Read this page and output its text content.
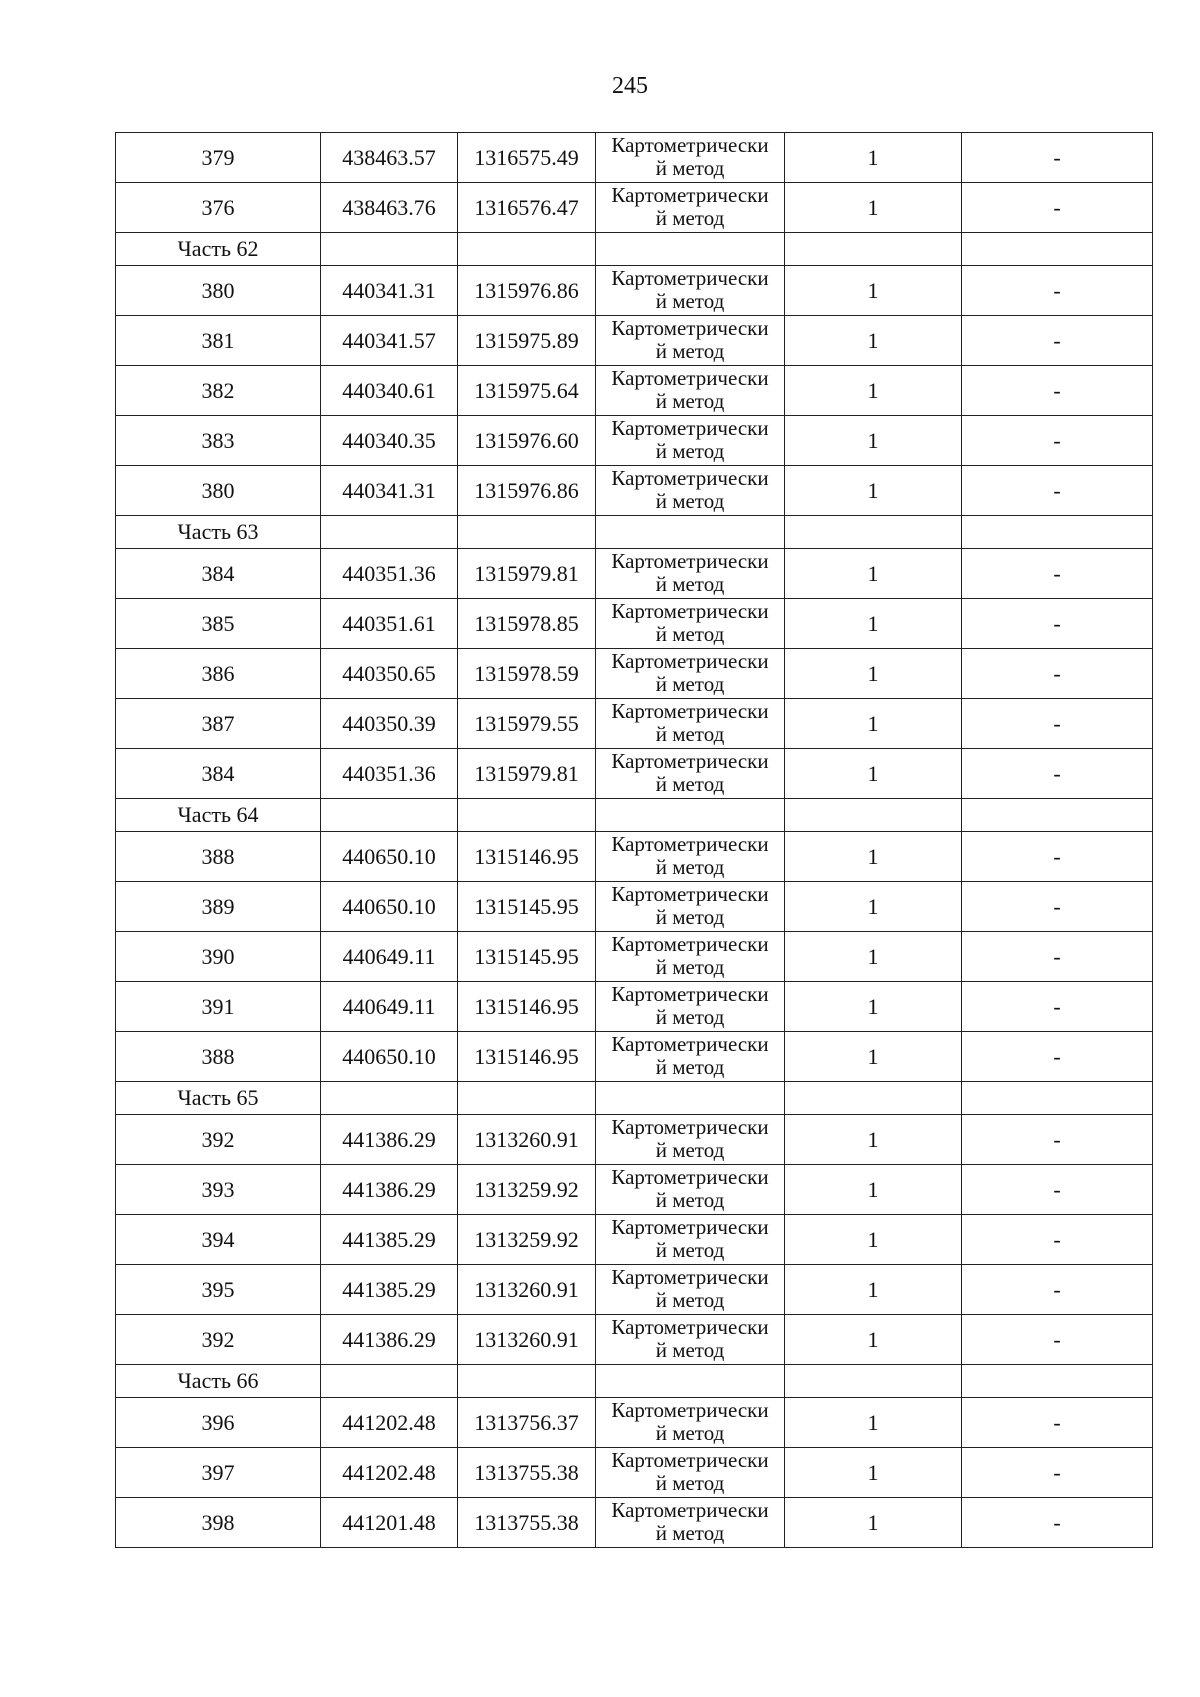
245
379	438463.57	1316575.49	Картометрически
й метод	1	-
376	438463.76	1316576.47	Картометрически
й метод	1	-
Часть 62					
380	440341.31	1315976.86	Картометрически
й метод	1	-
381	440341.57	1315975.89	Картометрически
й метод	1	-
382	440340.61	1315975.64	Картометрически
й метод	1	-
383	440340.35	1315976.60	Картометрически
й метод	1	-
380	440341.31	1315976.86	Картометрически
й метод	1	-
Часть 63					
384	440351.36	1315979.81	Картометрически
й метод	1	-
385	440351.61	1315978.85	Картометрически
й метод	1	-
386	440350.65	1315978.59	Картометрически
й метод	1	-
387	440350.39	1315979.55	Картометрически
й метод	1	-
384	440351.36	1315979.81	Картометрически
й метод	1	-
Часть 64					
388	440650.10	1315146.95	Картометрически
й метод	1	-
389	440650.10	1315145.95	Картометрически
й метод	1	-
390	440649.11	1315145.95	Картометрически
й метод	1	-
391	440649.11	1315146.95	Картометрически
й метод	1	-
388	440650.10	1315146.95	Картометрически
й метод	1	-
Часть 65					
392	441386.29	1313260.91	Картометрически
й метод	1	-
393	441386.29	1313259.92	Картометрически
й метод	1	-
394	441385.29	1313259.92	Картометрически
й метод	1	-
395	441385.29	1313260.91	Картометрически
й метод	1	-
392	441386.29	1313260.91	Картометрически
й метод	1	-
Часть 66					
396	441202.48	1313756.37	Картометрически
й метод	1	-
397	441202.48	1313755.38	Картометрически
й метод	1	-
398	441201.48	1313755.38	Картометрически
й метод	1	-
